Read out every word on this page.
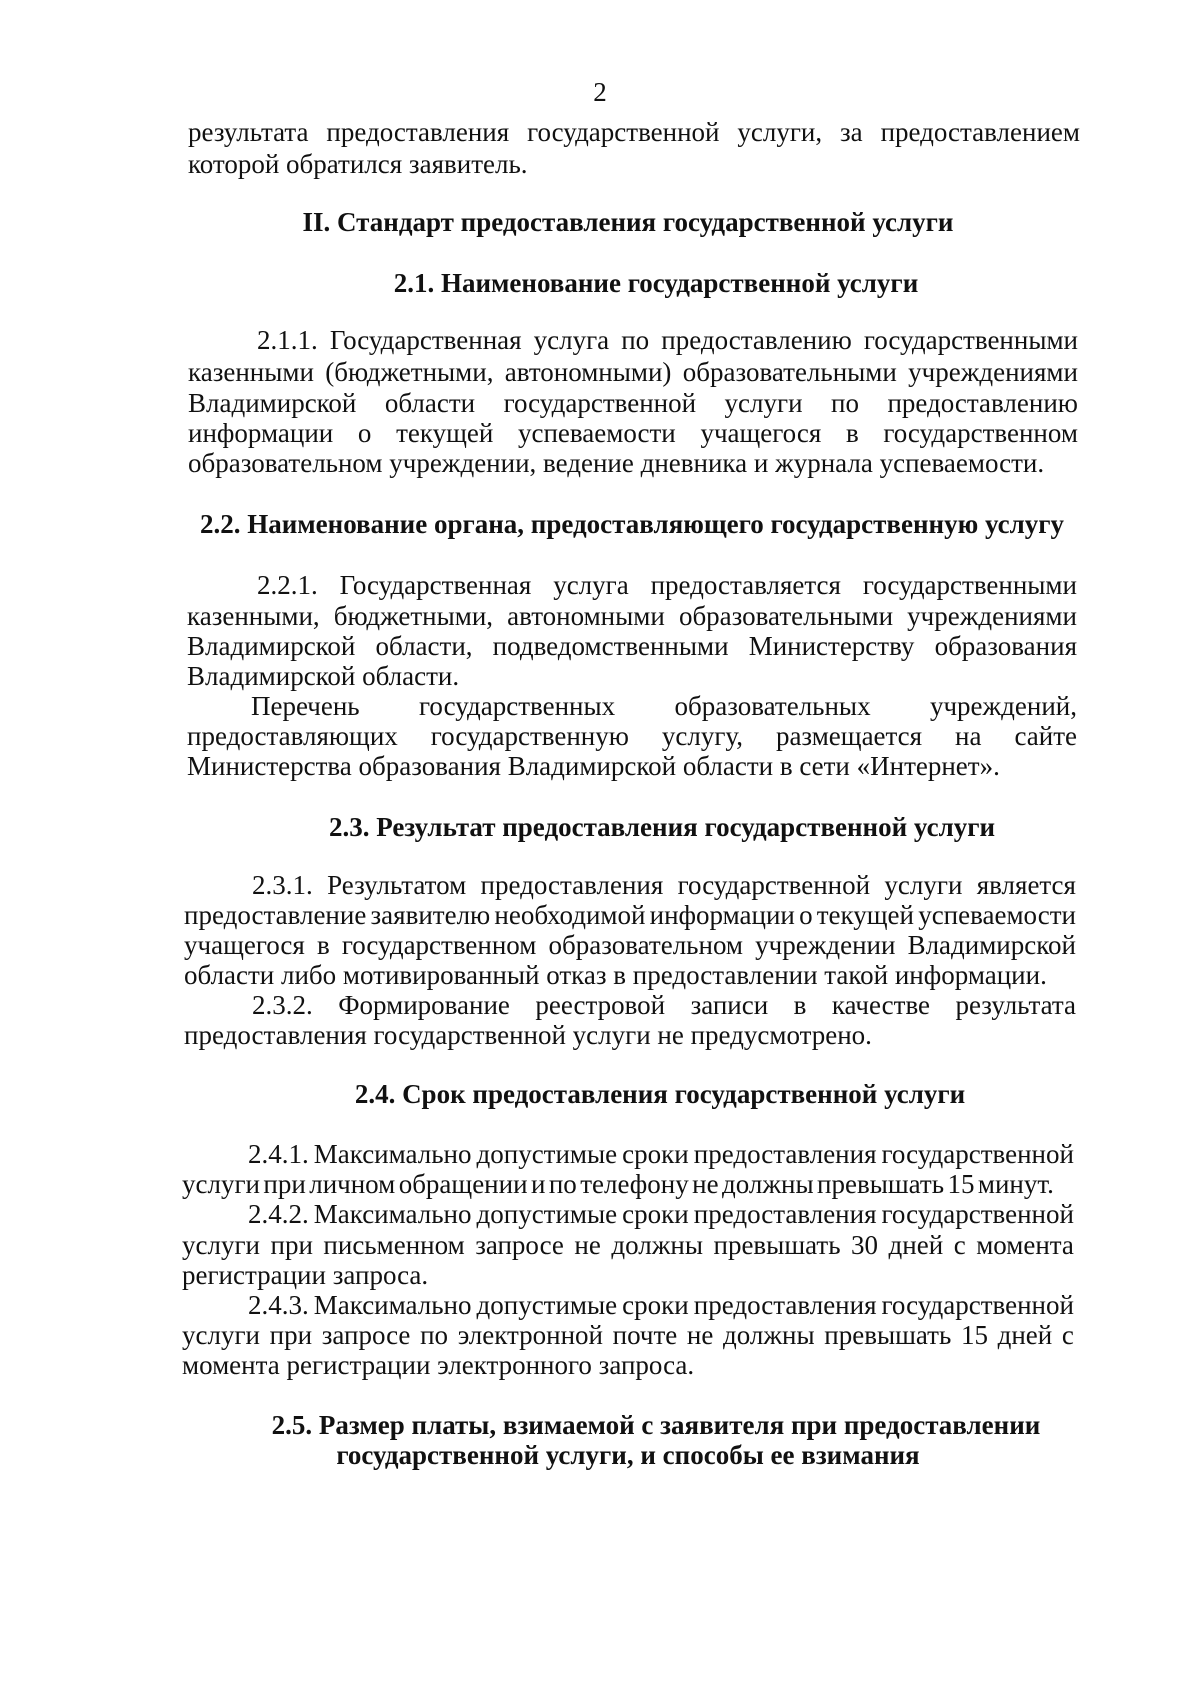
2
результата предоставления государственной услуги, за предоставлением
которой обратился заявитель.
II. Стандарт предоставления государственной услуги
2.1. Наименование государственной услуги
2.1.1. Государственная услуга по предоставлению государственными
казенными (бюджетными, автономными) образовательными учреждениями
Владимирской области государственной услуги по предоставлению
информации о текущей успеваемости учащегося в государственном
образовательном учреждении, ведение дневника и журнала успеваемости.
2.2. Наименование органа, предоставляющего государственную услугу
2.2.1. Государственная услуга предоставляется государственными
казенными, бюджетными, автономными образовательными учреждениями
Владимирской области, подведомственными Министерству образования
Владимирской области.
Перечень государственных образовательных учреждений,
предоставляющих государственную услугу, размещается на сайте
Министерства образования Владимирской области в сети «Интернет».
2.3. Результат предоставления государственной услуги
2.3.1. Результатом предоставления государственной услуги является
предоставление заявителю необходимой информации о текущей успеваемости
учащегося в государственном образовательном учреждении Владимирской
области либо мотивированный отказ в предоставлении такой информации.
2.3.2. Формирование реестровой записи в качестве результата
предоставления государственной услуги не предусмотрено.
2.4. Срок предоставления государственной услуги
2.4.1. Максимально допустимые сроки предоставления государственной
услуги при личном обращении и по телефону не должны превышать 15 минут.
2.4.2. Максимально допустимые сроки предоставления государственной
услуги при письменном запросе не должны превышать 30 дней с момента
регистрации запроса.
2.4.3. Максимально допустимые сроки предоставления государственной
услуги при запросе по электронной почте не должны превышать 15 дней с
момента регистрации электронного запроса.
2.5. Размер платы, взимаемой с заявителя при предоставлении
государственной услуги, и способы ее взимания
